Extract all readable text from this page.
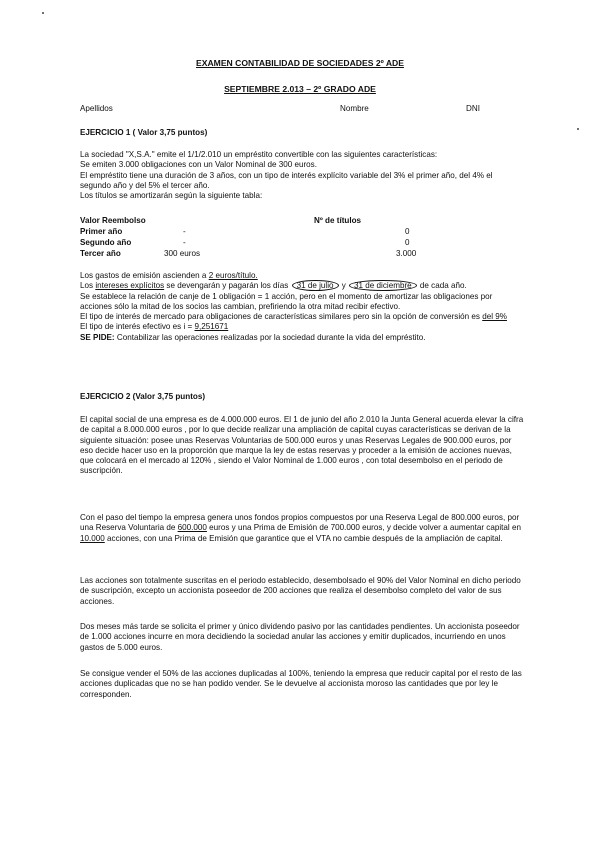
EXAMEN CONTABILIDAD DE SOCIEDADES 2º ADE
SEPTIEMBRE 2.013 – 2º GRADO ADE
Apellidos	Nombre	DNI
EJERCICIO 1 ( Valor 3,75 puntos)

La sociedad "X,S.A." emite el 1/1/2.010 un empréstito convertible con las siguientes características:

Se emiten 3.000 obligaciones con un Valor Nominal de 300 euros.

El empréstito tiene una duración de 3 años, con un tipo de interés explícito variable del 3% el primer año, del 4% el segundo año y del 5% el tercer año.

Los títulos se amortizarán según la siguiente tabla:

Valor Reembolso	Nº de títulos
Primer año	-	0
Segundo año	-	0
Tercer año	300 euros	3.000

Los gastos de emisión ascienden a 2 euros/título.

Los intereses explícitos se devengarán y pagarán los días 31 de julio y 31 de diciembre de cada año.

Se establece la relación de canje de 1 obligación = 1 acción, pero en el momento de amortizar las obligaciones por acciones sólo la mitad de los socios las cambian, prefiriendo la otra mitad recibir efectivo.

El tipo de interés de mercado para obligaciones de características similares pero sin la opción de conversión es del 9%

El tipo de interés efectivo es i = 9,251671

SE PIDE: Contabilizar las operaciones realizadas por la sociedad durante la vida del empréstito.

EJERCICIO 2 (Valor 3,75 puntos)
El capital social de una empresa es de 4.000.000 euros. El 1 de junio del año 2.010 la Junta General acuerda elevar la cifra de capital a 8.000.000 euros , por lo que decide realizar una ampliación de capital cuyas características se derivan de la siguiente situación: posee unas Reservas Voluntarias de 500.000 euros y unas Reservas Legales de 900.000 euros, por eso decide hacer uso en la proporción que marque la ley de estas reservas y proceder a la emisión de acciones nuevas, que colocará en el mercado al 120% , siendo el Valor Nominal de 1.000 euros , con total desembolso en el periodo de suscripción.
Con el paso del tiempo la empresa genera unos fondos propios compuestos por una Reserva Legal de 800.000 euros, por una Reserva Voluntaria de 600.000 euros y una Prima de Emisión de 700.000 euros, y decide volver a aumentar capital en 10.000 acciones, con una Prima de Emisión que garantice que el VTA no cambie después de la ampliación de capital.
Las acciones son totalmente suscritas en el periodo establecido, desembolsado el 90% del Valor Nominal en dicho periodo de suscripción, excepto un accionista poseedor de 200 acciones que realiza el desembolso completo del valor de sus acciones.
Dos meses más tarde se solicita el primer y único dividendo pasivo por las cantidades pendientes. Un accionista poseedor de 1.000 acciones incurre en mora decidiendo la sociedad anular las acciones y emitir duplicados, incurriendo en unos gastos de 5.000 euros.
Se consigue vender el 50% de las acciones duplicadas al 100%, teniendo la empresa que reducir capital por el resto de las acciones duplicadas que no se han podido vender. Se le devuelve al accionista moroso las cantidades que por ley le corresponden.
